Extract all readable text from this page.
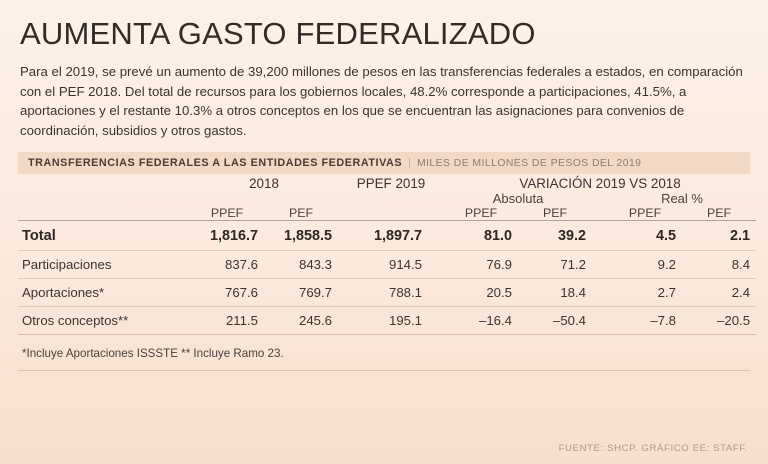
AUMENTA GASTO FEDERALIZADO
Para el 2019, se prevé un aumento de 39,200 millones de pesos en las transferencias federales a estados, en comparación con el PEF 2018. Del total de recursos para los gobiernos locales, 48.2% corresponde a participaciones, 41.5%, a aportaciones y el restante 10.3% a otros conceptos en los que se encuentran las asignaciones para convenios de coordinación, subsidios y otros gastos.
TRANSFERENCIAS FEDERALES A LAS ENTIDADES FEDERATIVAS | MILES DE MILLONES DE PESOS DEL 2019
	2018			PPEF 2019		VARIACIÓN 2019 VS 2018				
						Absoluta			Real %	
	PPEF	PEF				PPEF	PEF		PPEF	PEF

Total	1,816.7	1,858.5		1,897.7		81.0	39.2		4.5	2.1
Participaciones	837.6	843.3		914.5		76.9	71.2		9.2	8.4
Aportaciones*	767.6	769.7		788.1		20.5	18.4		2.7	2.4
Otros conceptos**	211.5	245.6		195.1		–16.4	–50.4		–7.8	–20.5

*Incluye Aportaciones ISSSTE ** Incluye Ramo 23.
FUENTE: SHCP. GRÁFICO EE: STAFF.
